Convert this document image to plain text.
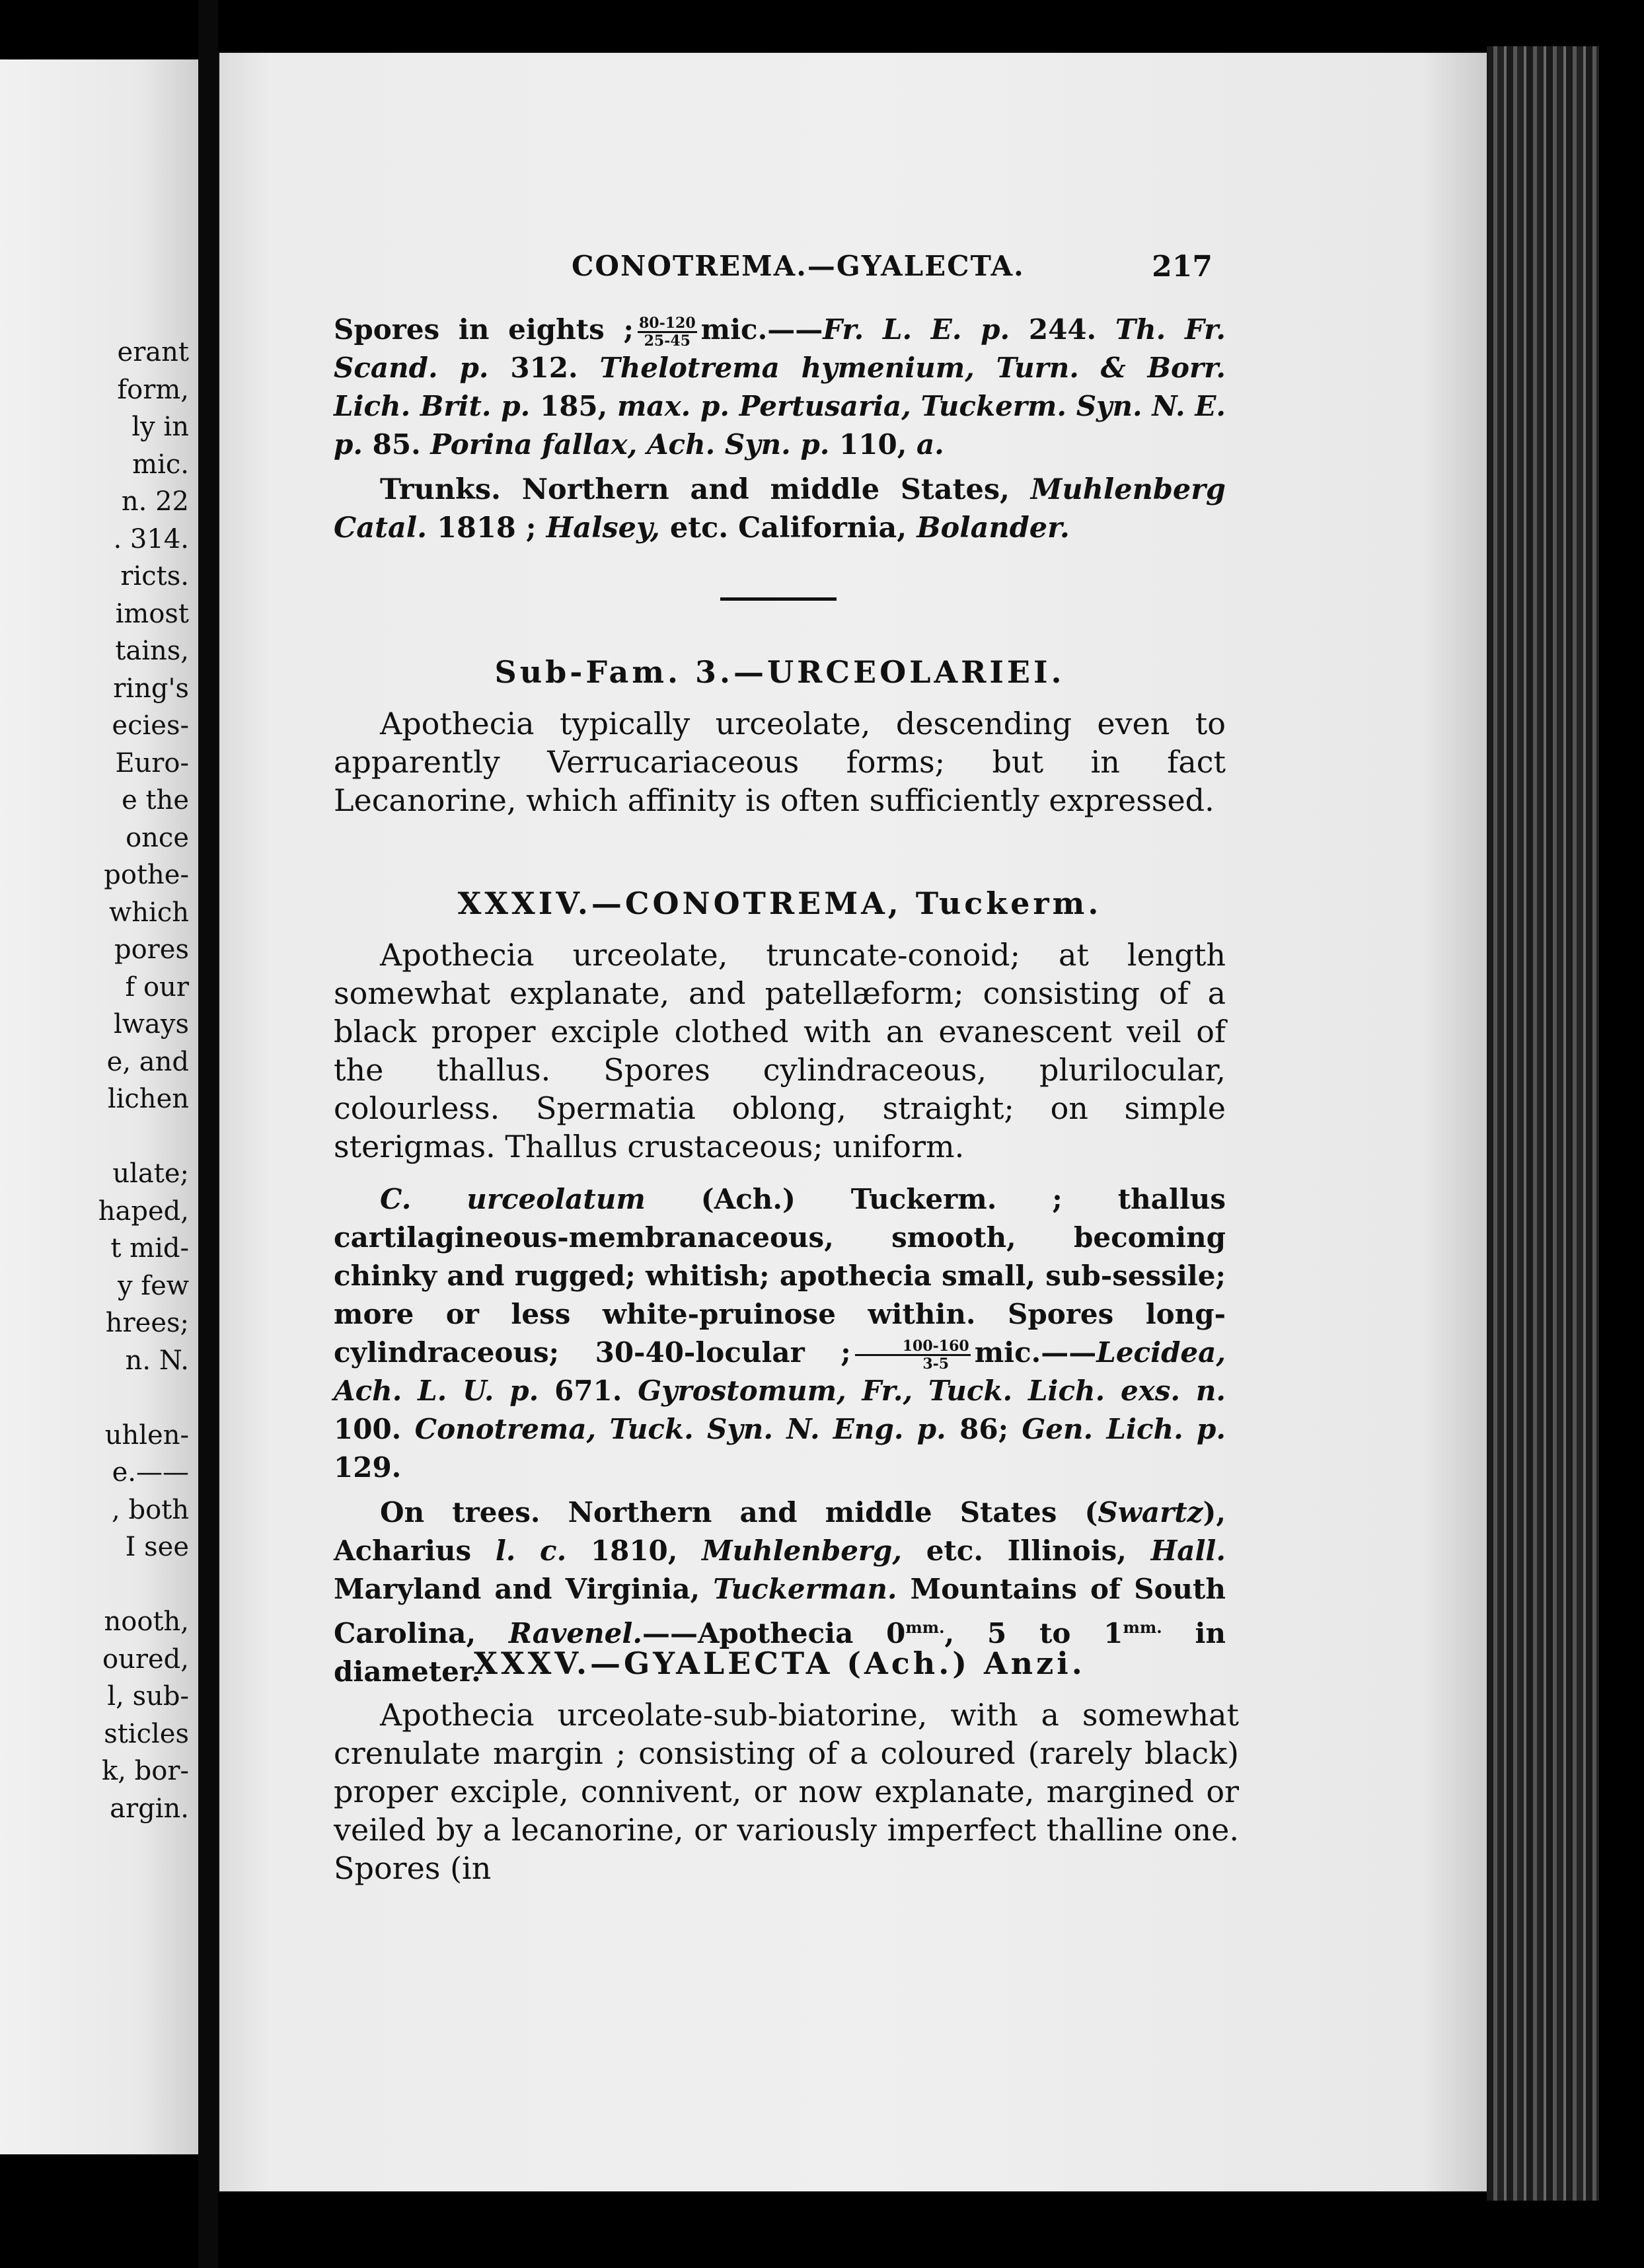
erant
form,
ly in
mic.
n. 22
. 314.
ricts.
imost
tains,
ring's
ecies-
Euro-
e the
once
pothe-
which
pores
f our
lways
e, and
lichen
ulate;
haped,
t mid-
y few
hrees;
n. N.
uhlen-
e.——
, both
I see
nooth,
oured,
l, sub-
sticles
k, bor-
argin.
CONOTREMA.—GYALECTA.	217

Spores in eights ; $\frac{80-120}{25-45}$ mic.——Fr. L. E. p. 244. Th. Fr. Scand. p. 312. Thelotrema hymenium, Turn. & Borr. Lich. Brit. p. 185, max. p. Pertusaria, Tuckerm. Syn. N. E. p. 85. Porina fallax, Ach. Syn. p. 110, a.

Trunks. Northern and middle States, Muhlenberg Catal. 1818 ; Halsey, etc. California, Bolander.

Sub-Fam. 3.—URCEOLARIEI.

Apothecia typically urceolate, descending even to apparently Verrucariaceous forms; but in fact Lecanorine, which affinity is often sufficiently expressed.

XXXIV.—CONOTREMA, Tuckerm.

Apothecia urceolate, truncate-conoid; at length somewhat explanate, and patellæform; consisting of a black proper exciple clothed with an evanescent veil of the thallus. Spores cylindraceous, plurilocular, colourless. Spermatia oblong, straight; on simple sterigmas. Thallus crustaceous; uniform.

C. urceolatum (Ach.) Tuckerm. ; thallus cartilagineous-membranaceous, smooth, becoming chinky and rugged; whitish; apothecia small, sub-sessile; more or less white-pruinose within. Spores long-cylindraceous; 30-40-locular ; $\frac{100-160}{3-5}$ mic.——Lecidea, Ach. L. U. p. 671. Gyrostomum, Fr., Tuck. Lich. exs. n. 100. Conotrema, Tuck. Syn. N. Eng. p. 86; Gen. Lich. p. 129.

On trees. Northern and middle States (Swartz), Acharius l. c. 1810, Muhlenberg, etc. Illinois, Hall. Maryland and Virginia, Tuckerman. Mountains of South Carolina, Ravenel.——Apothecia $0^{mm.}$, 5 to $1^{mm.}$ in diameter.

XXXV.—GYALECTA (Ach.) Anzi.

Apothecia urceolate-sub-biatorine, with a somewhat crenulate margin ; consisting of a coloured (rarely black) proper exciple, connivent, or now explanate, margined or veiled by a lecanorine, or variously imperfect thalline one. Spores (in
